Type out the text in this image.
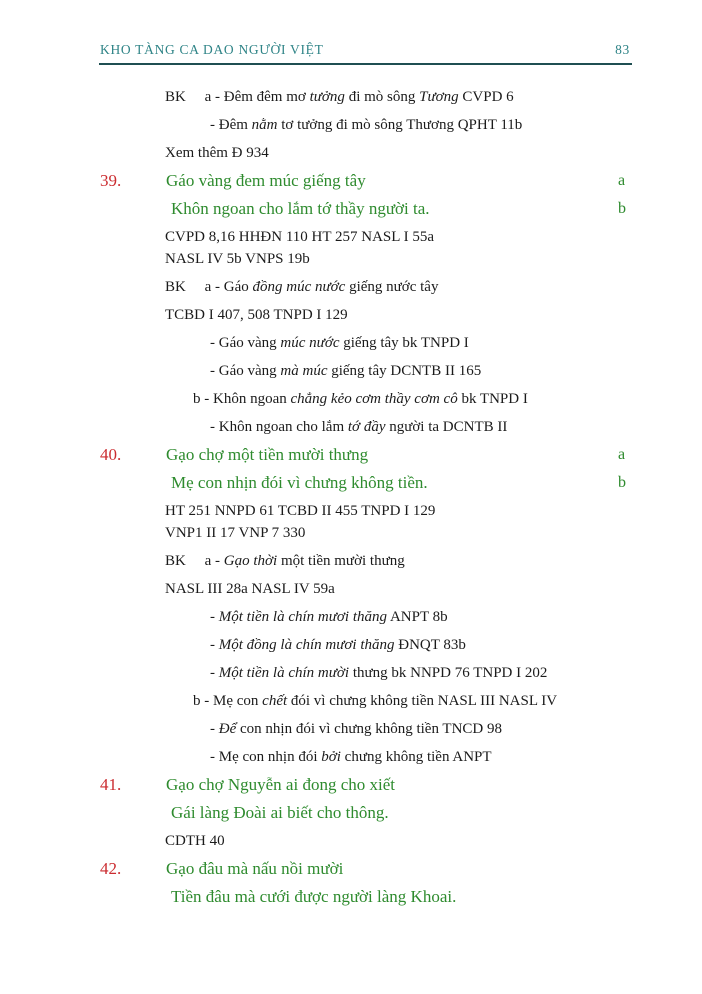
KHO TÀNG CA DAO NGƯỜI VIỆT	83
BK     a - Đêm đêm mơ tưởng đi mò sông Tương CVPD 6
- Đêm nằm tơ tưởng đi mò sông Thương QPHT 11b
Xem thêm Đ 934
39.	Gáo vàng đem múc giếng tây	a
Khôn ngoan cho lắm tớ thầy người ta.	b
CVPD 8,16 HHĐN 110 HT 257 NASL I 55a
NASL IV 5b VNPS 19b
BK     a - Gáo đồng múc nước giếng nước tây
TCBD I 407, 508 TNPD I 129
- Gáo vàng múc nước giếng tây bk TNPD I
- Gáo vàng mà múc giếng tây DCNTB II 165
b - Khôn ngoan chẳng kẻo cơm thầy cơm cô bk TNPD I
- Khôn ngoan cho lắm tớ đầy người ta DCNTB II
40.	Gạo chợ một tiền mười thưng	a
Mẹ con nhịn đói vì chưng không tiền.	b
HT 251 NNPD 61 TCBD II 455 TNPD I 129
VNP1 II 17 VNP 7 330
BK     a - Gạo thời một tiền mười thưng
NASL III 28a NASL IV 59a
- Một tiền là chín mươi thăng ANPT 8b
- Một đồng là chín mươi thăng ĐNQT 83b
- Một tiền là chín mười thưng bk NNPD 76 TNPD I 202
b - Mẹ con chết đói vì chưng không tiền NASL III NASL IV
- Để con nhịn đói vì chưng không tiền TNCD 98
- Mẹ con nhịn đói bởi chưng không tiền ANPT
41.	Gạo chợ Nguyễn ai đong cho xiết
Gái làng Đoài ai biết cho thông.
CDTH 40
42.	Gạo đâu mà nấu nồi mười
Tiền đâu mà cưới được người làng Khoai.
